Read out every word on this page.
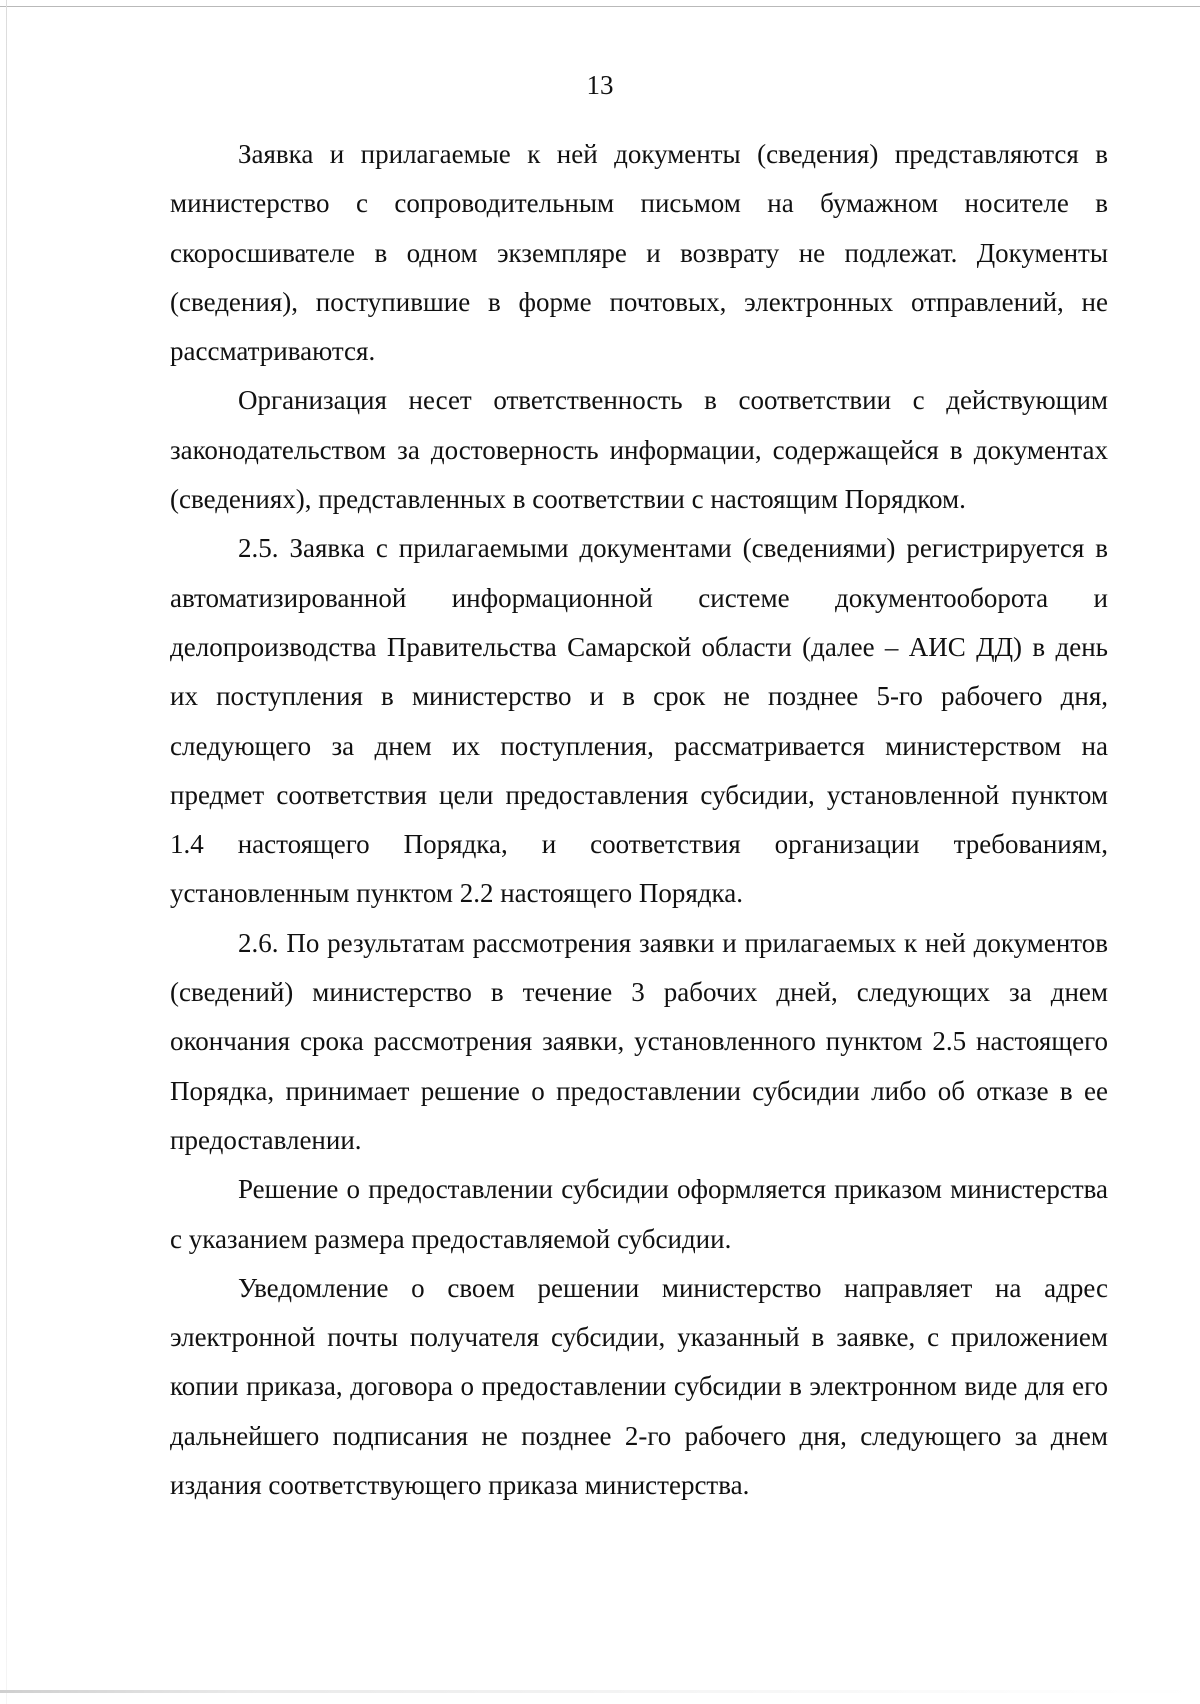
13

Заявка и прилагаемые к ней документы (сведения) представляются в министерство с сопроводительным письмом на бумажном носителе в скоросшивателе в одном экземпляре и возврату не подлежат. Документы (сведения), поступившие в форме почтовых, электронных отправлений, не рассматриваются.

Организация несет ответственность в соответствии с действующим законодательством за достоверность информации, содержащейся в документах (сведениях), представленных в соответствии с настоящим Порядком.

2.5. Заявка с прилагаемыми документами (сведениями) регистрируется в автоматизированной информационной системе документооборота и делопроизводства Правительства Самарской области (далее – АИС ДД) в день их поступления в министерство и в срок не позднее 5-го рабочего дня, следующего за днем их поступления, рассматривается министерством на предмет соответствия цели предоставления субсидии, установленной пунктом 1.4 настоящего Порядка, и соответствия организации требованиям, установленным пунктом 2.2 настоящего Порядка.

2.6. По результатам рассмотрения заявки и прилагаемых к ней документов (сведений) министерство в течение 3 рабочих дней, следующих за днем окончания срока рассмотрения заявки, установленного пунктом 2.5 настоящего Порядка, принимает решение о предоставлении субсидии либо об отказе в ее предоставлении.

Решение о предоставлении субсидии оформляется приказом министерства с указанием размера предоставляемой субсидии.

Уведомление о своем решении министерство направляет на адрес электронной почты получателя субсидии, указанный в заявке, с приложением копии приказа, договора о предоставлении субсидии в электронном виде для его дальнейшего подписания не позднее 2-го рабочего дня, следующего за днем издания соответствующего приказа министерства.
